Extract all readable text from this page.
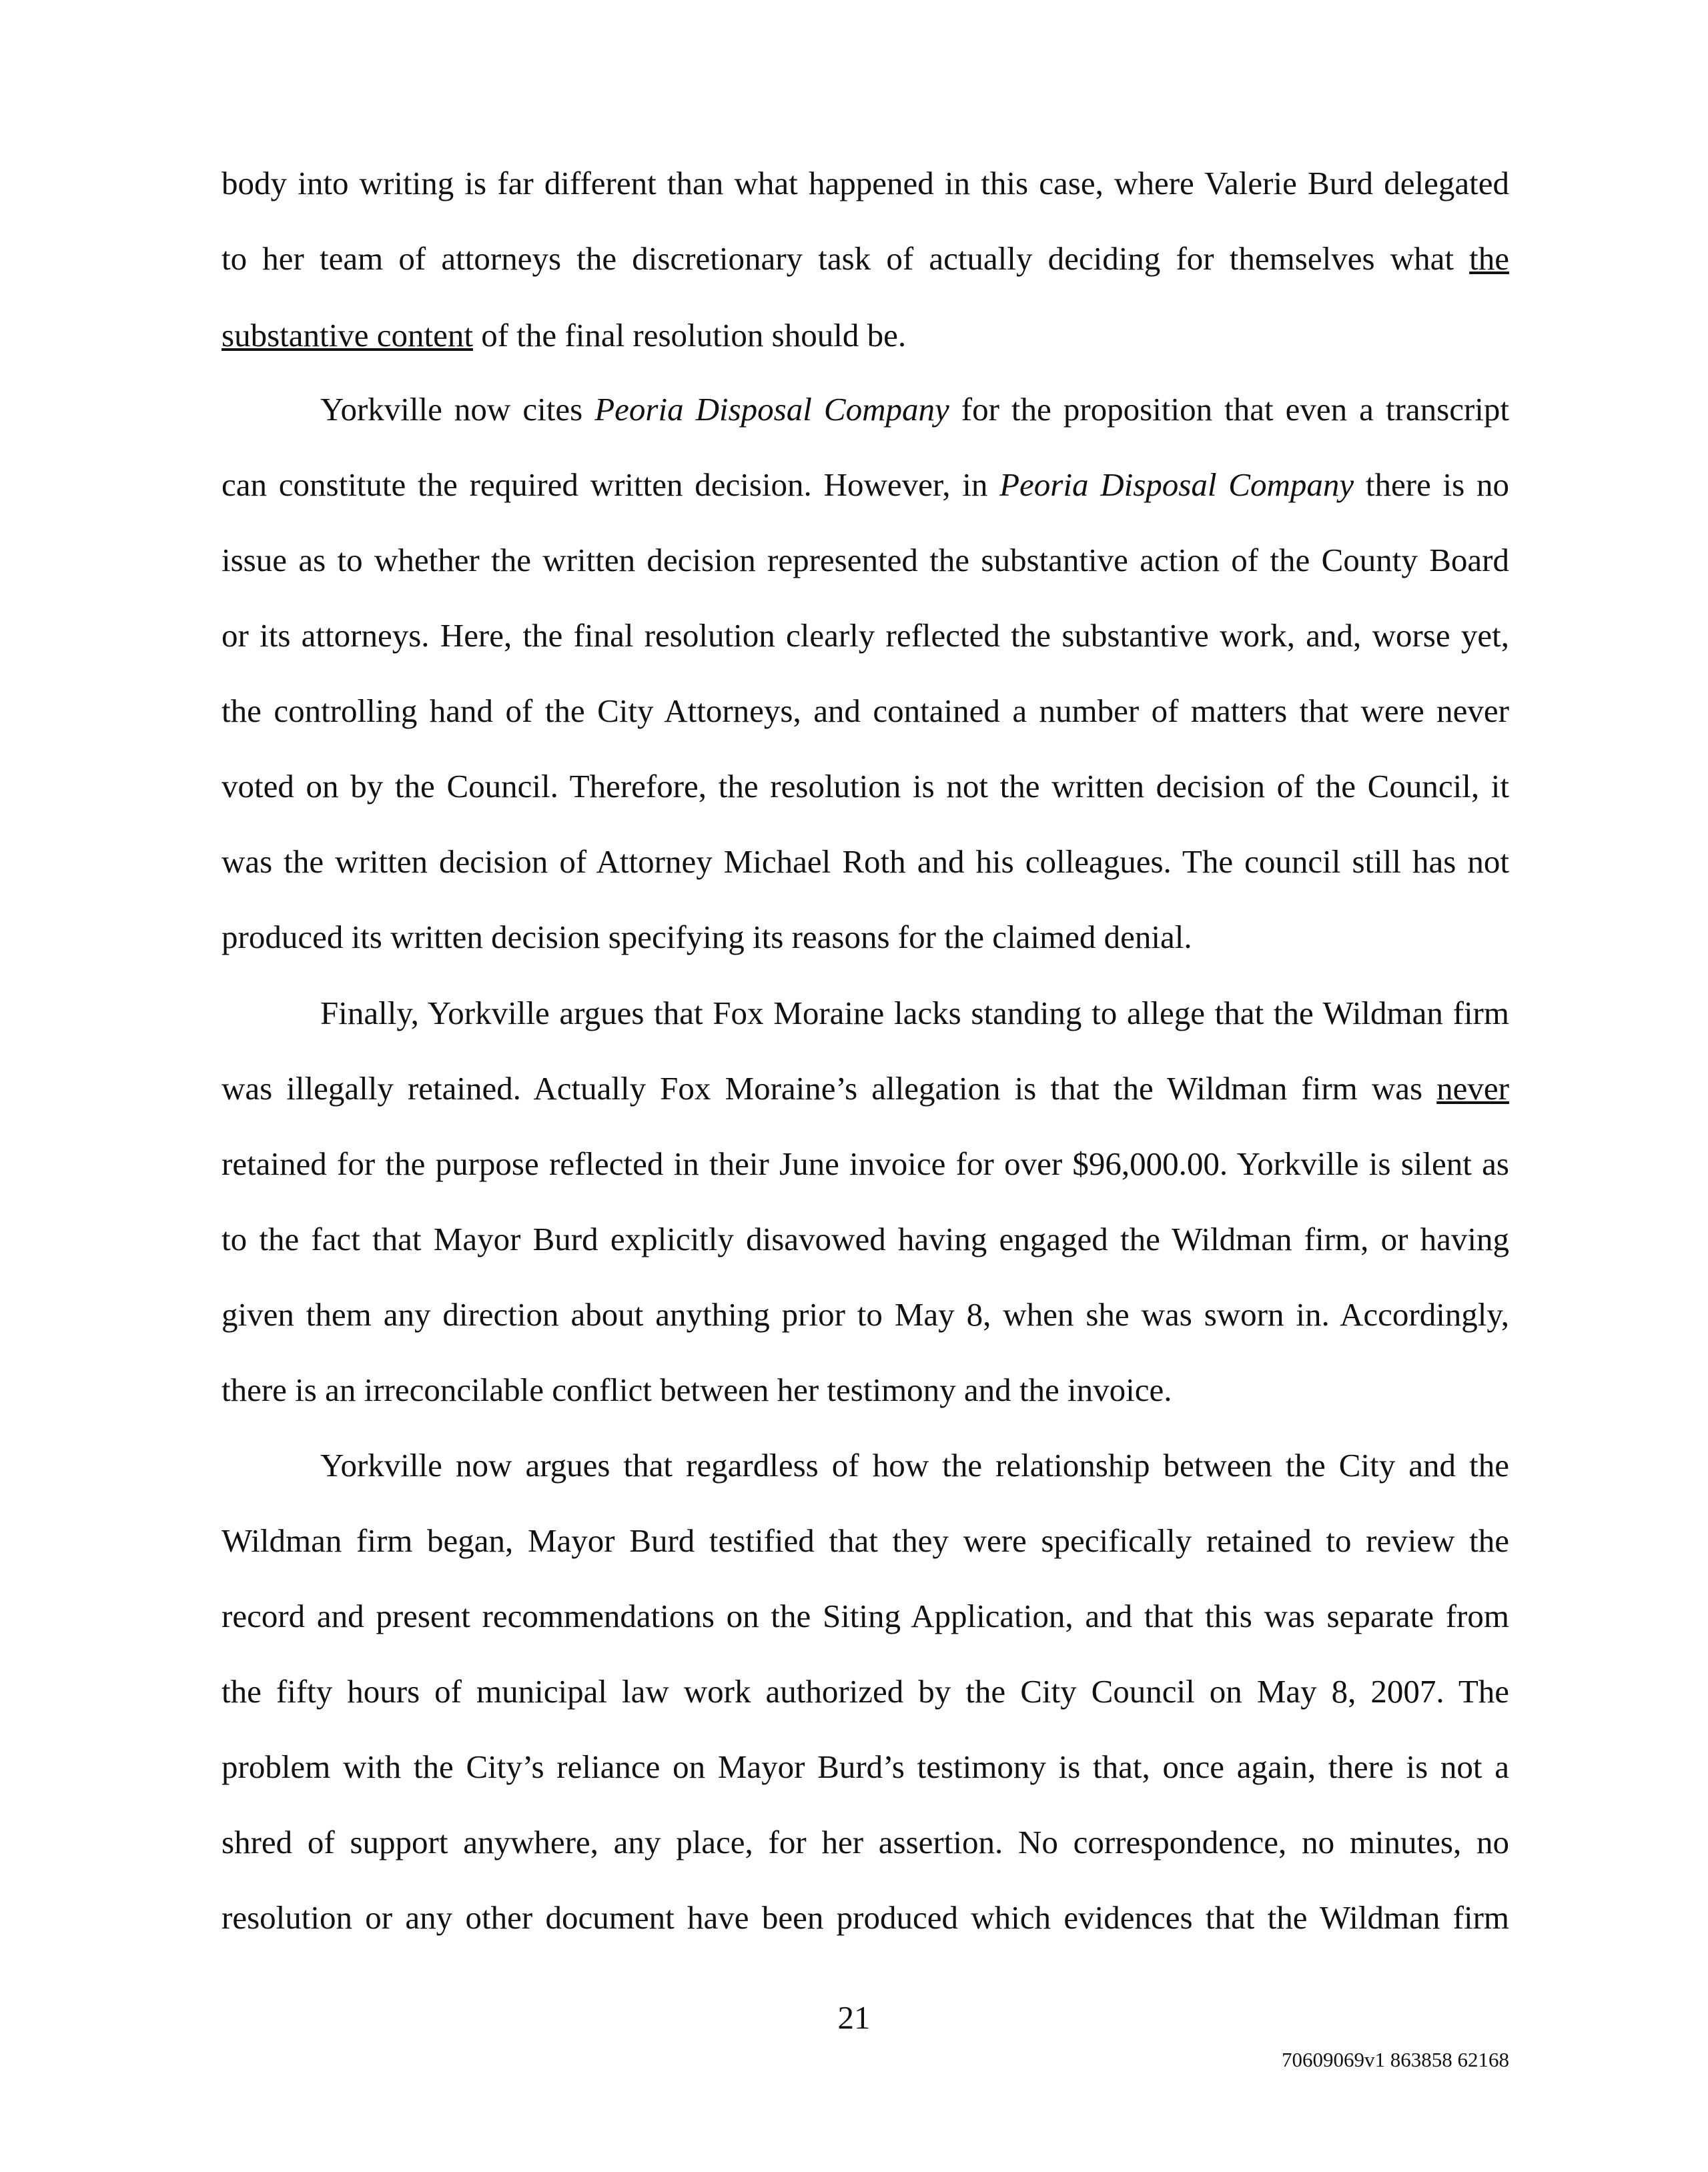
body into writing is far different than what happened in this case, where Valerie Burd delegated
to her team of attorneys the discretionary task of actually deciding for themselves what the
substantive content of the final resolution should be.
Yorkville now cites Peoria Disposal Company for the proposition that even a transcript
can constitute the required written decision. However, in Peoria Disposal Company there is no
issue as to whether the written decision represented the substantive action of the County Board
or its attorneys. Here, the final resolution clearly reflected the substantive work, and, worse yet,
the controlling hand of the City Attorneys, and contained a number of matters that were never
voted on by the Council. Therefore, the resolution is not the written decision of the Council, it
was the written decision of Attorney Michael Roth and his colleagues. The council still has not
produced its written decision specifying its reasons for the claimed denial.
Finally, Yorkville argues that Fox Moraine lacks standing to allege that the Wildman firm
was illegally retained. Actually Fox Moraine’s allegation is that the Wildman firm was never
retained for the purpose reflected in their June invoice for over $96,000.00. Yorkville is silent as
to the fact that Mayor Burd explicitly disavowed having engaged the Wildman firm, or having
given them any direction about anything prior to May 8, when she was sworn in. Accordingly,
there is an irreconcilable conflict between her testimony and the invoice.
Yorkville now argues that regardless of how the relationship between the City and the
Wildman firm began, Mayor Burd testified that they were specifically retained to review the
record and present recommendations on the Siting Application, and that this was separate from
the fifty hours of municipal law work authorized by the City Council on May 8, 2007. The
problem with the City’s reliance on Mayor Burd’s testimony is that, once again, there is not a
shred of support anywhere, any place, for her assertion. No correspondence, no minutes, no
resolution or any other document have been produced which evidences that the Wildman firm
21
70609069v1 863858 62168
